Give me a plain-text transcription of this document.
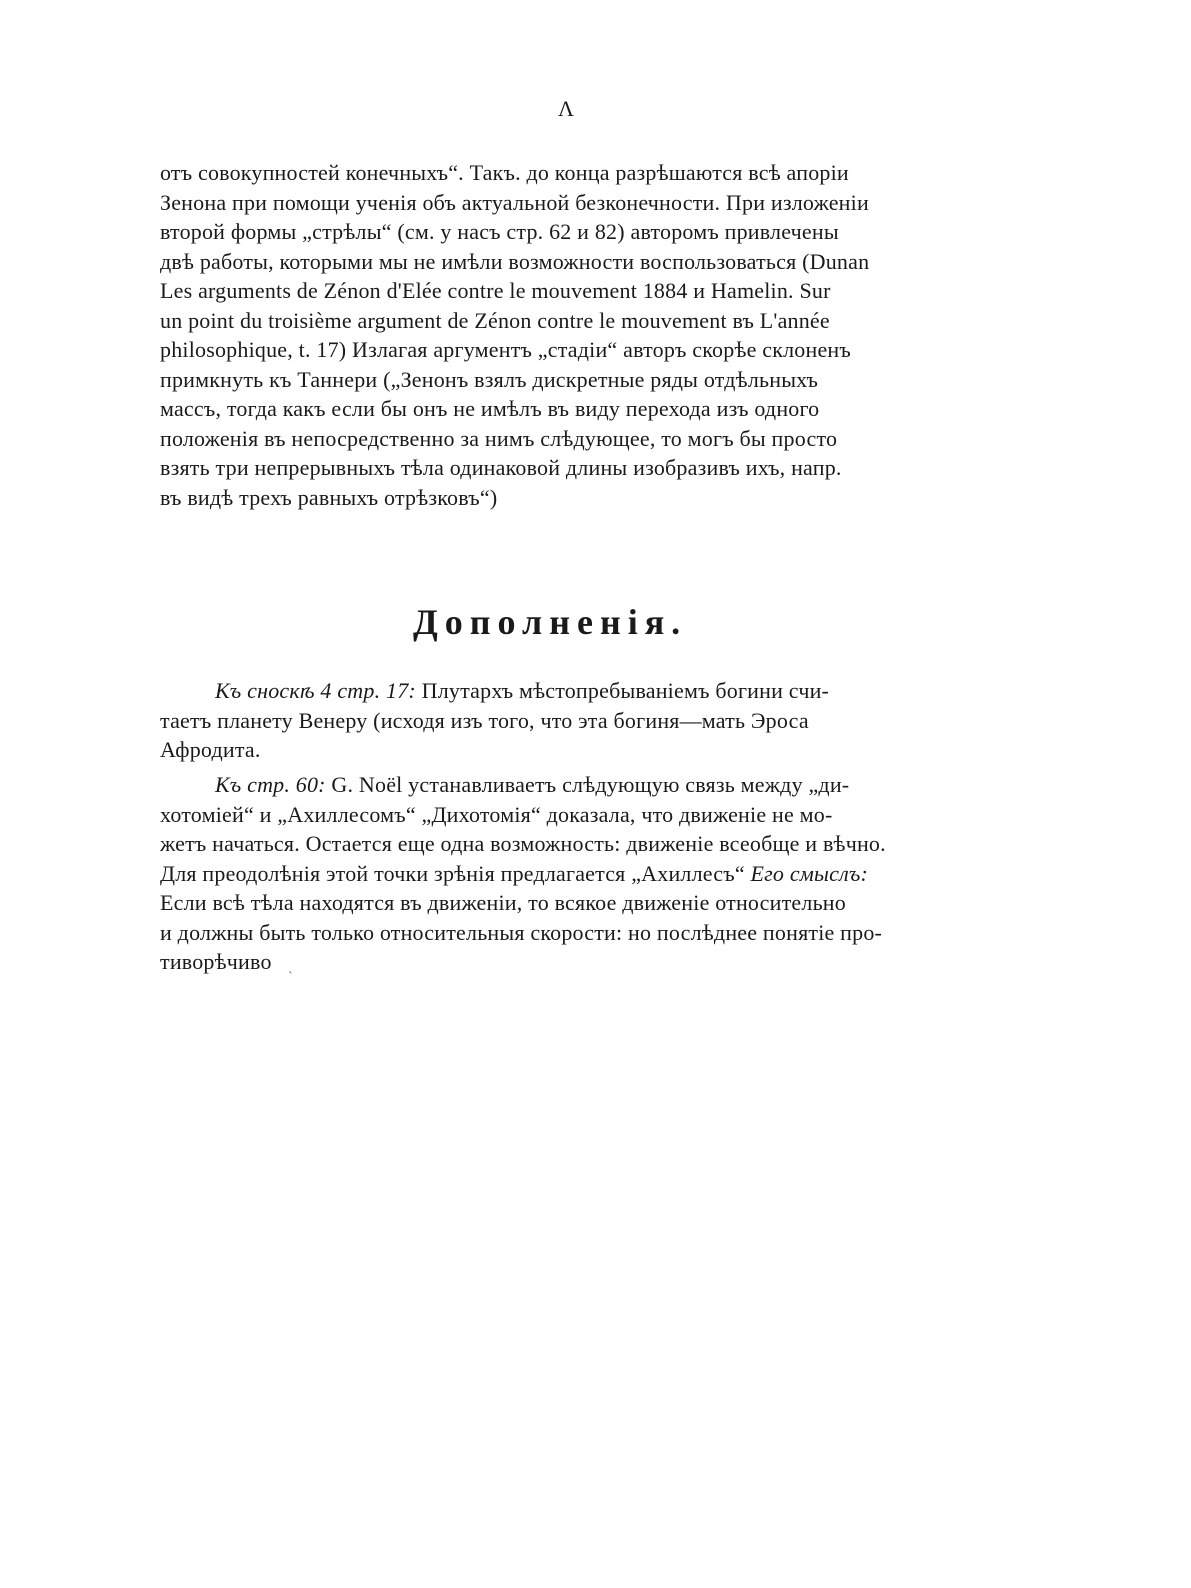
Λ
отъ совокупностей конечныхъ“. Такъ. до конца разрѣшаются всѣ апоріи
Зенона при помощи ученія объ актуальной безконечности. При изложеніи
второй формы „стрѣлы“ (см. у насъ стр. 62 и 82) авторомъ привлечены
двѣ работы, которыми мы не имѣли возможности воспользоваться (Dunan
Les arguments de Zénon d'Elée contre le mouvement 1884 и Hamelin. Sur
un point du troisième argument de Zénon contre le mouvement въ L'année
philosophique, t. 17) Излагая аргументъ „стадіи“ авторъ скорѣе склоненъ
примкнуть къ Таннери („Зенонъ взялъ дискретные ряды отдѣльныхъ
массъ, тогда какъ если бы онъ не имѣлъ въ виду перехода изъ одного
положенія въ непосредственно за нимъ слѣдующее, то могъ бы просто
взять три непрерывныхъ тѣла одинаковой длины изобразивъ ихъ, напр.
въ видѣ трехъ равныхъ отрѣзковъ“)
Дополненія.
Къ сноскѣ 4 стр. 17: Плутархъ мѣстопребываніемъ богини счи-
таетъ планету Венеру (исходя изъ того, что эта богиня—мать Эроса
Афродита.
Къ стр. 60: G. Noël устанавливаетъ слѣдующую связь между „ди-
хотоміей“ и „Ахиллесомъ“ „Дихотомія“ доказала, что движеніе не мо-
жетъ начаться. Остается еще одна возможность: движеніе всеобще и вѣчно.
Для преодолѣнія этой точки зрѣнія предлагается „Ахиллесъ“ Его смыслъ:
Если всѣ тѣла находятся въ движеніи, то всякое движеніе относительно
и должны быть только относительныя скорости: но послѣднее понятіе про-
тиворѣчиво
`
